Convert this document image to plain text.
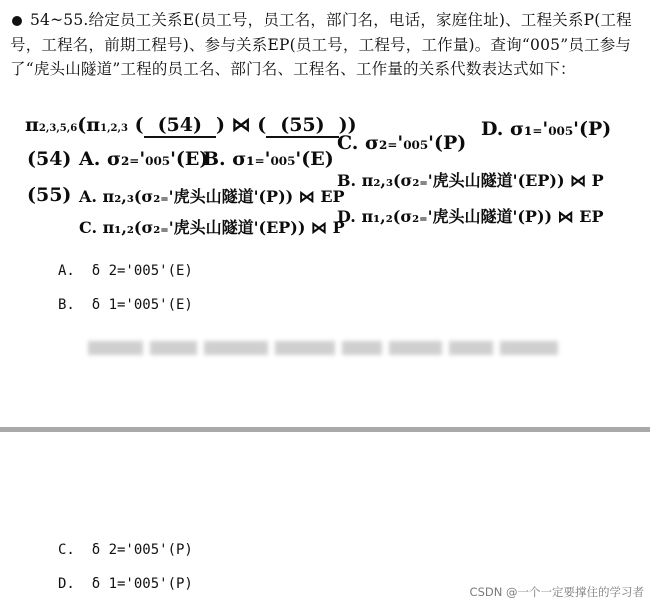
54~55.给定员工关系E(员工号，员工名，部门名，电话，家庭住址)、工程关系P(工程号，工程名，前期工程号)、参与关系EP(员工号，工程号，工作量)。查询“005”员工参与了“虎头山隧道”工程的员工名、部门名、工程名、工作量的关系代数表达式如下：
π2,3,5,6(π1,2,3 ( (54) ) ⋈ ( (55) ))
(54) A. σ₂₌'₀₀₅'(E)
B. σ₁₌'₀₀₅'(E)
C. σ₂₌'₀₀₅'(P)
D. σ₁₌'₀₀₅'(P)
(55) A. π₂,₃(σ₂₌'虎头山隧道'(P)) ⋈ EP
B. π₂,₃(σ₂₌'虎头山隧道'(EP)) ⋈ P
C. π₁,₂(σ₂₌'虎头山隧道'(EP)) ⋈ P
D. π₁,₂(σ₂₌'虎头山隧道'(P)) ⋈ EP
A. δ 2='005'(E)
B. δ 1='005'(E)
C. δ 2='005'(P)
D. δ 1='005'(P)	CSDN @一个一定要撑住的学习者
